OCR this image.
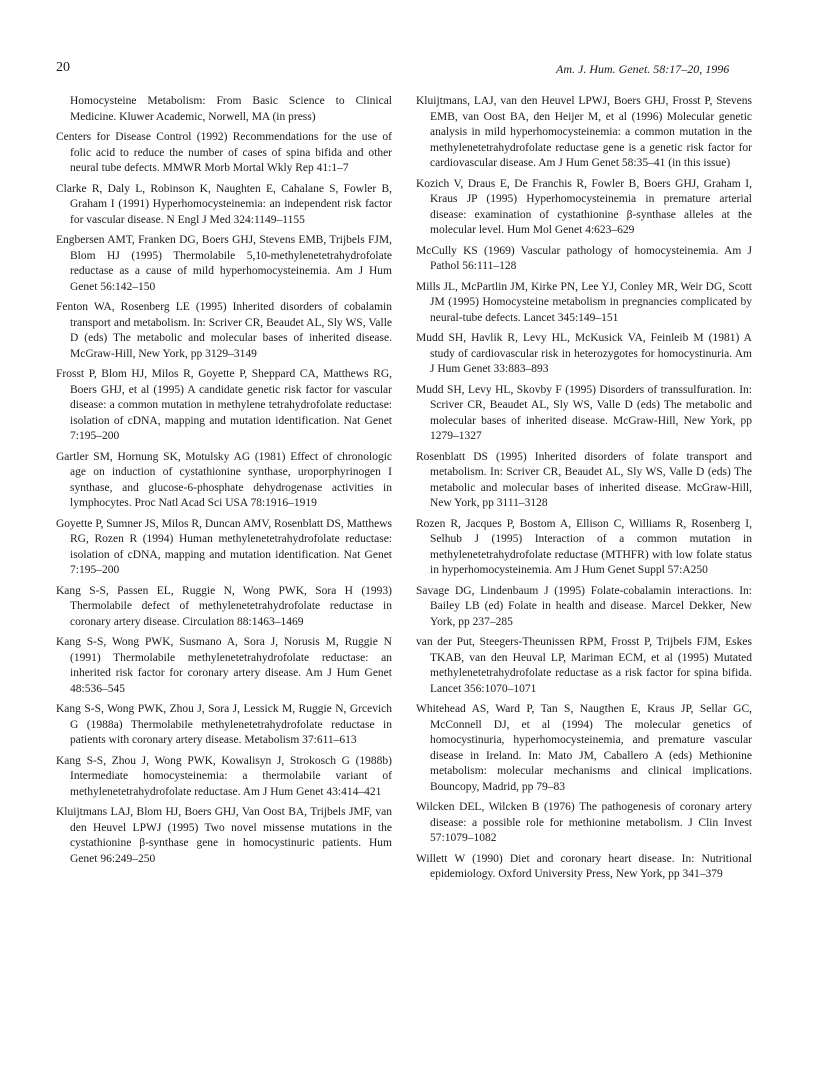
20	Am. J. Hum. Genet. 58:17–20, 1996

Homocysteine Metabolism: From Basic Science to Clinical Medicine. Kluwer Academic, Norwell, MA (in press)

Centers for Disease Control (1992) Recommendations for the use of folic acid to reduce the number of cases of spina bifida and other neural tube defects. MMWR Morb Mortal Wkly Rep 41:1–7

Clarke R, Daly L, Robinson K, Naughten E, Cahalane S, Fowler B, Graham I (1991) Hyperhomocysteinemia: an independent risk factor for vascular disease. N Engl J Med 324:1149–1155

Engbersen AMT, Franken DG, Boers GHJ, Stevens EMB, Trijbels FJM, Blom HJ (1995) Thermolabile 5,10-methylenetetrahydrofolate reductase as a cause of mild hyperhomocysteinemia. Am J Hum Genet 56:142–150

Fenton WA, Rosenberg LE (1995) Inherited disorders of cobalamin transport and metabolism. In: Scriver CR, Beaudet AL, Sly WS, Valle D (eds) The metabolic and molecular bases of inherited disease. McGraw-Hill, New York, pp 3129–3149

Frosst P, Blom HJ, Milos R, Goyette P, Sheppard CA, Matthews RG, Boers GHJ, et al (1995) A candidate genetic risk factor for vascular disease: a common mutation in methylene tetrahydrofolate reductase: isolation of cDNA, mapping and mutation identification. Nat Genet 7:195–200

Gartler SM, Hornung SK, Motulsky AG (1981) Effect of chronologic age on induction of cystathionine synthase, uroporphyrinogen I synthase, and glucose-6-phosphate dehydrogenase activities in lymphocytes. Proc Natl Acad Sci USA 78:1916–1919

Goyette P, Sumner JS, Milos R, Duncan AMV, Rosenblatt DS, Matthews RG, Rozen R (1994) Human methylenetetrahydrofolate reductase: isolation of cDNA, mapping and mutation identification. Nat Genet 7:195–200

Kang S-S, Passen EL, Ruggie N, Wong PWK, Sora H (1993) Thermolabile defect of methylenetetrahydrofolate reductase in coronary artery disease. Circulation 88:1463–1469

Kang S-S, Wong PWK, Susmano A, Sora J, Norusis M, Ruggie N (1991) Thermolabile methylenetetrahydrofolate reductase: an inherited risk factor for coronary artery disease. Am J Hum Genet 48:536–545

Kang S-S, Wong PWK, Zhou J, Sora J, Lessick M, Ruggie N, Grcevich G (1988a) Thermolabile methylenetetrahydrofolate reductase in patients with coronary artery disease. Metabolism 37:611–613

Kang S-S, Zhou J, Wong PWK, Kowalisyn J, Strokosch G (1988b) Intermediate homocysteinemia: a thermolabile variant of methylenetetrahydrofolate reductase. Am J Hum Genet 43:414–421

Kluijtmans LAJ, Blom HJ, Boers GHJ, Van Oost BA, Trijbels JMF, van den Heuvel LPWJ (1995) Two novel missense mutations in the cystathionine β-synthase gene in homocystinuric patients. Hum Genet 96:249–250

Kluijtmans, LAJ, van den Heuvel LPWJ, Boers GHJ, Frosst P, Stevens EMB, van Oost BA, den Heijer M, et al (1996) Molecular genetic analysis in mild hyperhomocysteinemia: a common mutation in the methylenetetrahydrofolate reductase gene is a genetic risk factor for cardiovascular disease. Am J Hum Genet 58:35–41 (in this issue)

Kozich V, Draus E, De Franchis R, Fowler B, Boers GHJ, Graham I, Kraus JP (1995) Hyperhomocysteinemia in premature arterial disease: examination of cystathionine β-synthase alleles at the molecular level. Hum Mol Genet 4:623–629

McCully KS (1969) Vascular pathology of homocysteinemia. Am J Pathol 56:111–128

Mills JL, McPartlin JM, Kirke PN, Lee YJ, Conley MR, Weir DG, Scott JM (1995) Homocysteine metabolism in pregnancies complicated by neural-tube defects. Lancet 345:149–151

Mudd SH, Havlik R, Levy HL, McKusick VA, Feinleib M (1981) A study of cardiovascular risk in heterozygotes for homocystinuria. Am J Hum Genet 33:883–893

Mudd SH, Levy HL, Skovby F (1995) Disorders of transsulfuration. In: Scriver CR, Beaudet AL, Sly WS, Valle D (eds) The metabolic and molecular bases of inherited disease. McGraw-Hill, New York, pp 1279–1327

Rosenblatt DS (1995) Inherited disorders of folate transport and metabolism. In: Scriver CR, Beaudet AL, Sly WS, Valle D (eds) The metabolic and molecular bases of inherited disease. McGraw-Hill, New York, pp 3111–3128

Rozen R, Jacques P, Bostom A, Ellison C, Williams R, Rosenberg I, Selhub J (1995) Interaction of a common mutation in methylenetetrahydrofolate reductase (MTHFR) with low folate status in hyperhomocysteinemia. Am J Hum Genet Suppl 57:A250

Savage DG, Lindenbaum J (1995) Folate-cobalamin interactions. In: Bailey LB (ed) Folate in health and disease. Marcel Dekker, New York, pp 237–285

van der Put, Steegers-Theunissen RPM, Frosst P, Trijbels FJM, Eskes TKAB, van den Heuval LP, Mariman ECM, et al (1995) Mutated methylenetetrahydrofolate reductase as a risk factor for spina bifida. Lancet 356:1070–1071

Whitehead AS, Ward P, Tan S, Naugthen E, Kraus JP, Sellar GC, McConnell DJ, et al (1994) The molecular genetics of homocystinuria, hyperhomocysteinemia, and premature vascular disease in Ireland. In: Mato JM, Caballero A (eds) Methionine metabolism: molecular mechanisms and clinical implications. Bouncopy, Madrid, pp 79–83

Wilcken DEL, Wilcken B (1976) The pathogenesis of coronary artery disease: a possible role for methionine metabolism. J Clin Invest 57:1079–1082

Willett W (1990) Diet and coronary heart disease. In: Nutritional epidemiology. Oxford University Press, New York, pp 341–379
